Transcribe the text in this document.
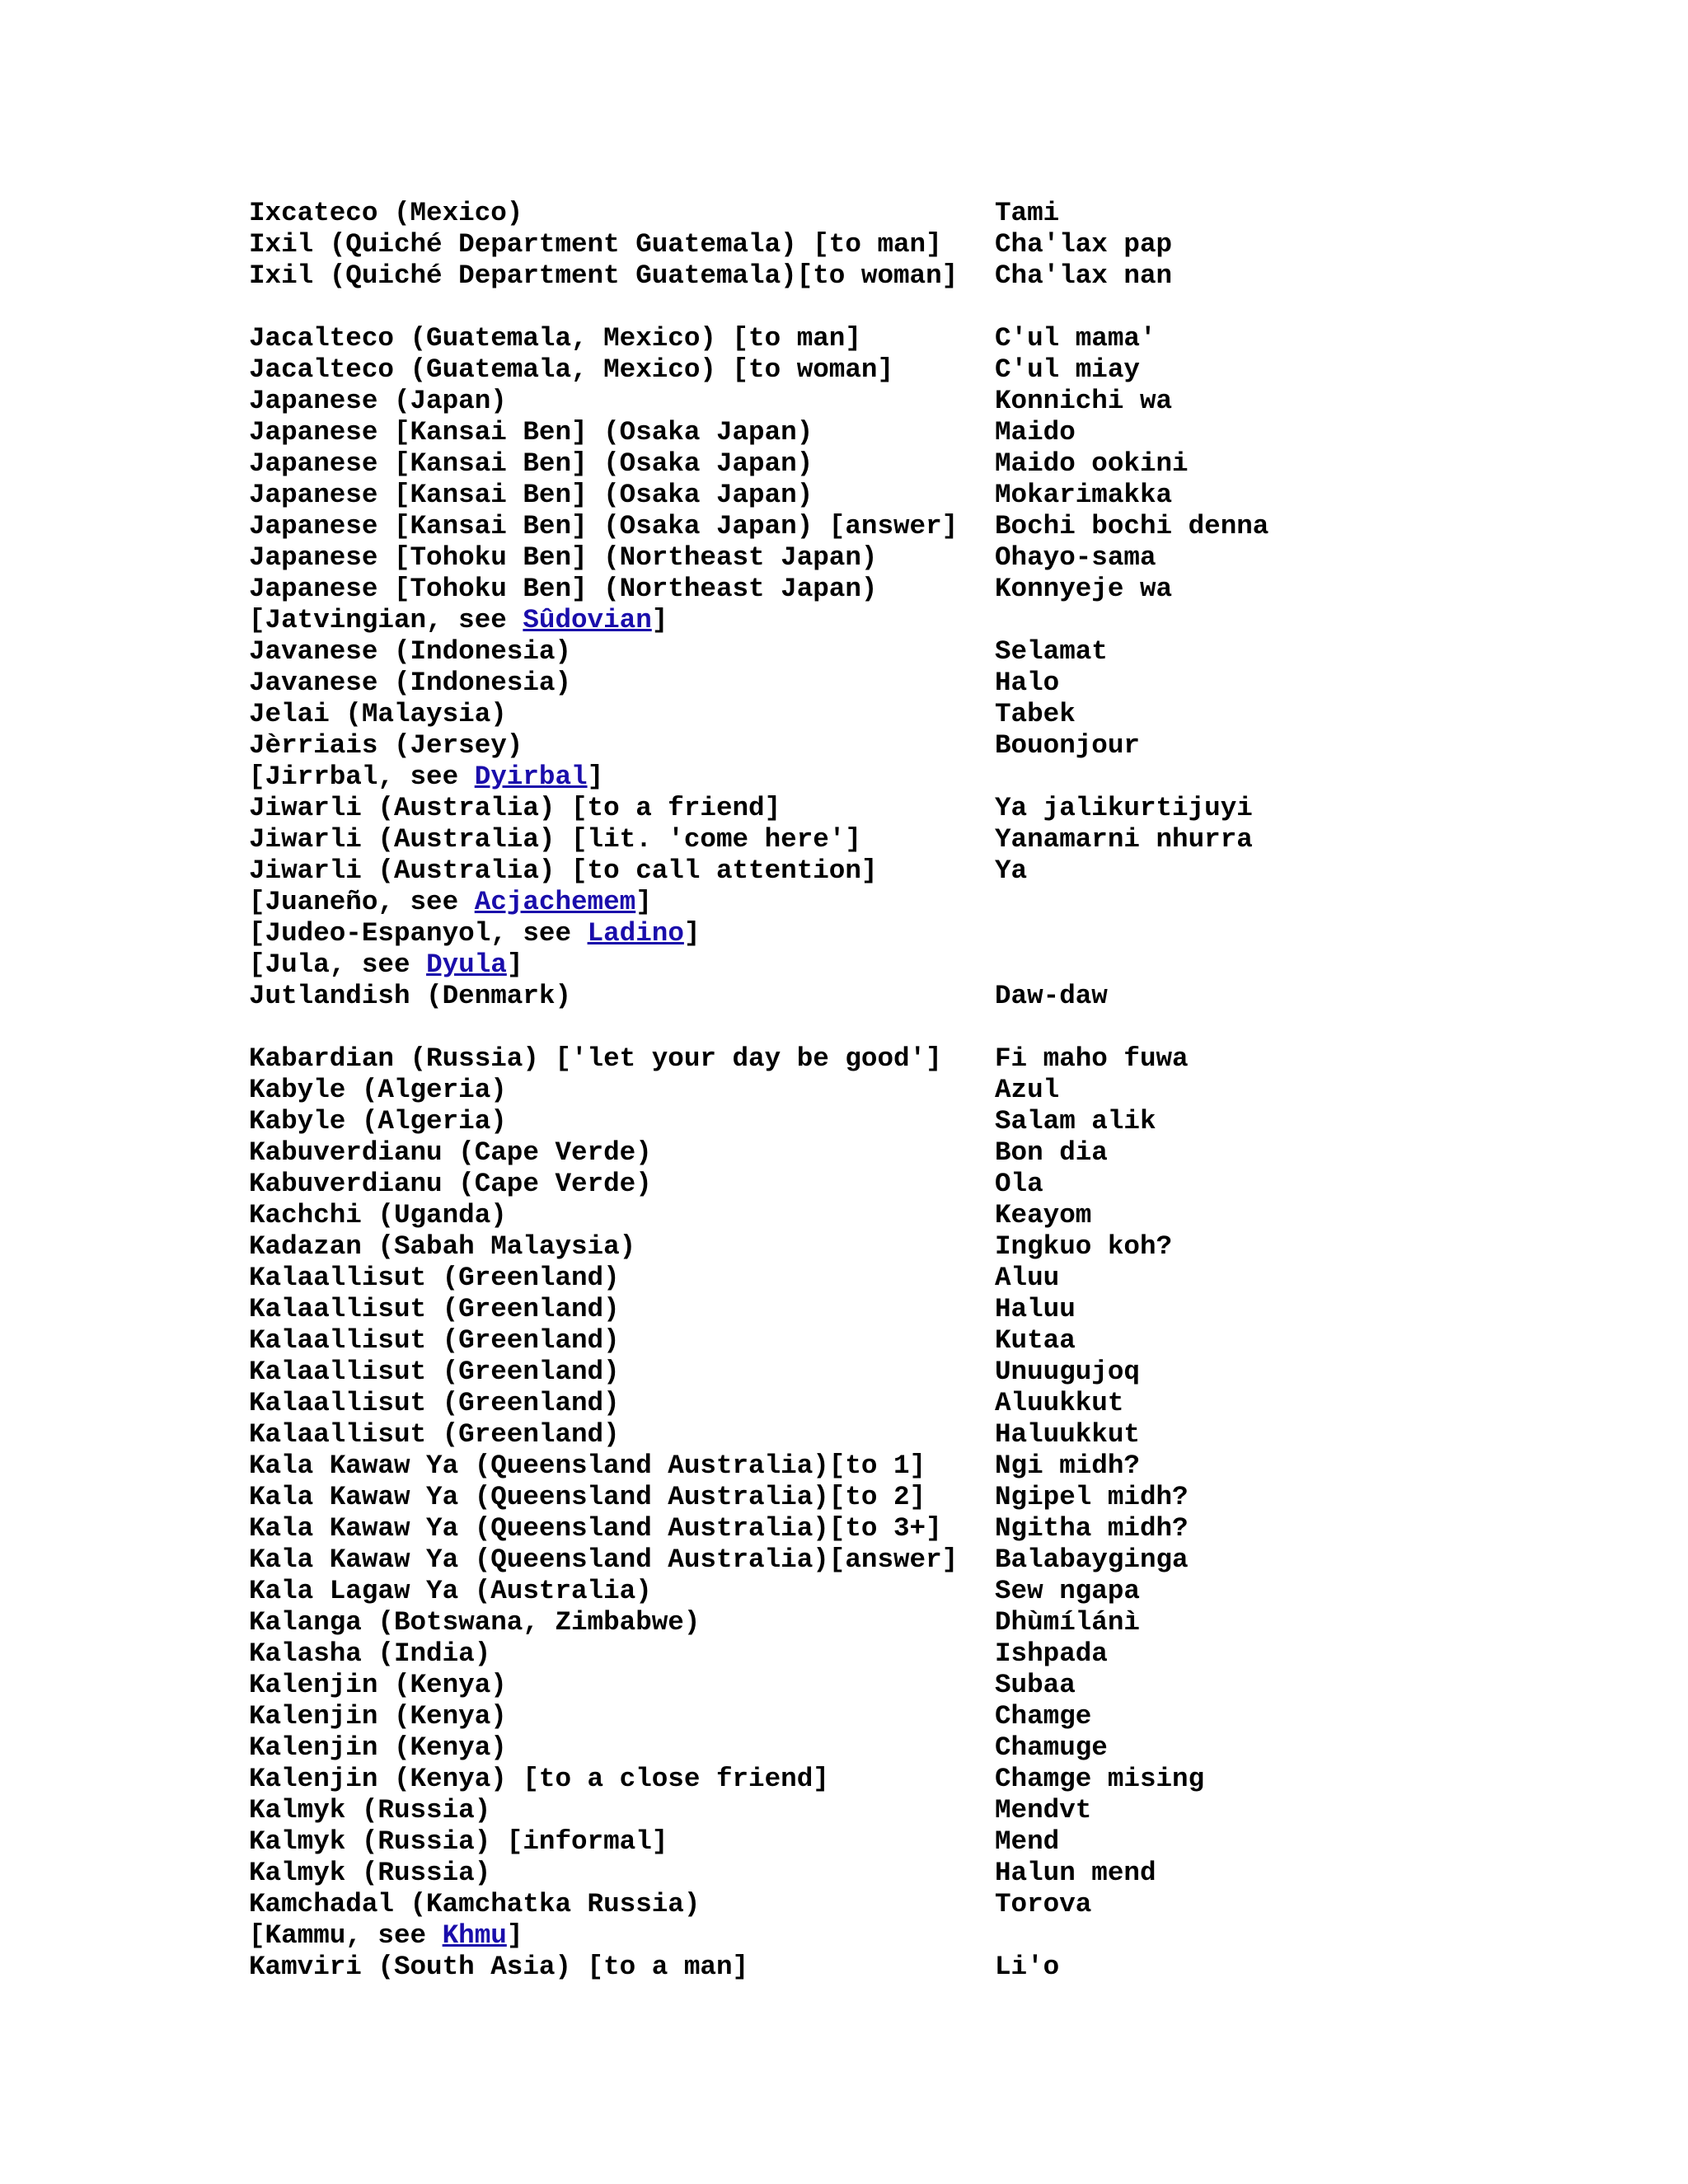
Ixcateco (Mexico)	Tami
Ixil (Quiché Department Guatemala) [to man] Cha'lax pap
Ixil (Quiché Department Guatemala)[to woman] Cha'lax nan
Jacalteco (Guatemala, Mexico) [to man]	C'ul mama'
Jacalteco (Guatemala, Mexico) [to woman]	C'ul miay
Japanese (Japan)	Konnichi wa
Japanese [Kansai Ben] (Osaka Japan)	Maido
Japanese [Kansai Ben] (Osaka Japan)	Maido ookini
Japanese [Kansai Ben] (Osaka Japan)	Mokarimakka
Japanese [Kansai Ben] (Osaka Japan) [answer] Bochi bochi denna
Japanese [Tohoku Ben] (Northeast Japan)	Ohayo-sama
Japanese [Tohoku Ben] (Northeast Japan)	Konnyeje wa
[Jatvingian, see Sûdovian]
Javanese (Indonesia)	Selamat
Javanese (Indonesia)	Halo
Jelai (Malaysia)	Tabek
Jèrriais (Jersey)	Bouonjour
[Jirrbal, see Dyirbal]
Jiwarli (Australia) [to a friend]	Ya jalikurtijuyi
Jiwarli (Australia) [lit. 'come here']	Yanamarni nhurra
Jiwarli (Australia) [to call attention]	Ya
[Juaneño, see Acjachemem]
[Judeo-Espanyol, see Ladino]
[Jula, see Dyula]
Jutlandish (Denmark)	Daw-daw
Kabardian (Russia) ['let your day be good'] Fi maho fuwa
Kabyle (Algeria)	Azul
Kabyle (Algeria)	Salam alik
Kabuverdianu (Cape Verde)	Bon dia
Kabuverdianu (Cape Verde)	Ola
Kachchi (Uganda)	Keayom
Kadazan (Sabah Malaysia)	Ingkuo koh?
Kalaallisut (Greenland)	Aluu
Kalaallisut (Greenland)	Haluu
Kalaallisut (Greenland)	Kutaa
Kalaallisut (Greenland)	Unuugujoq
Kalaallisut (Greenland)	Aluukkut
Kalaallisut (Greenland)	Haluukkut
Kala Kawaw Ya (Queensland Australia)[to 1]	Ngi midh?
Kala Kawaw Ya (Queensland Australia)[to 2]	Ngipel midh?
Kala Kawaw Ya (Queensland Australia)[to 3+] Ngitha midh?
Kala Kawaw Ya (Queensland Australia)[answer] Balabayginga
Kala Lagaw Ya (Australia)	Sew ngapa
Kalanga (Botswana, Zimbabwe)	Dhùmílánì
Kalasha (India)	Ishpada
Kalenjin (Kenya)	Subaa
Kalenjin (Kenya)	Chamge
Kalenjin (Kenya)	Chamuge
Kalenjin (Kenya) [to a close friend]	Chamge mising
Kalmyk (Russia)	Mendvt
Kalmyk (Russia) [informal]	Mend
Kalmyk (Russia)	Halun mend
Kamchadal (Kamchatka Russia)	Torova
[Kammu, see Khmu]
Kamviri (South Asia) [to a man]	Li'o
